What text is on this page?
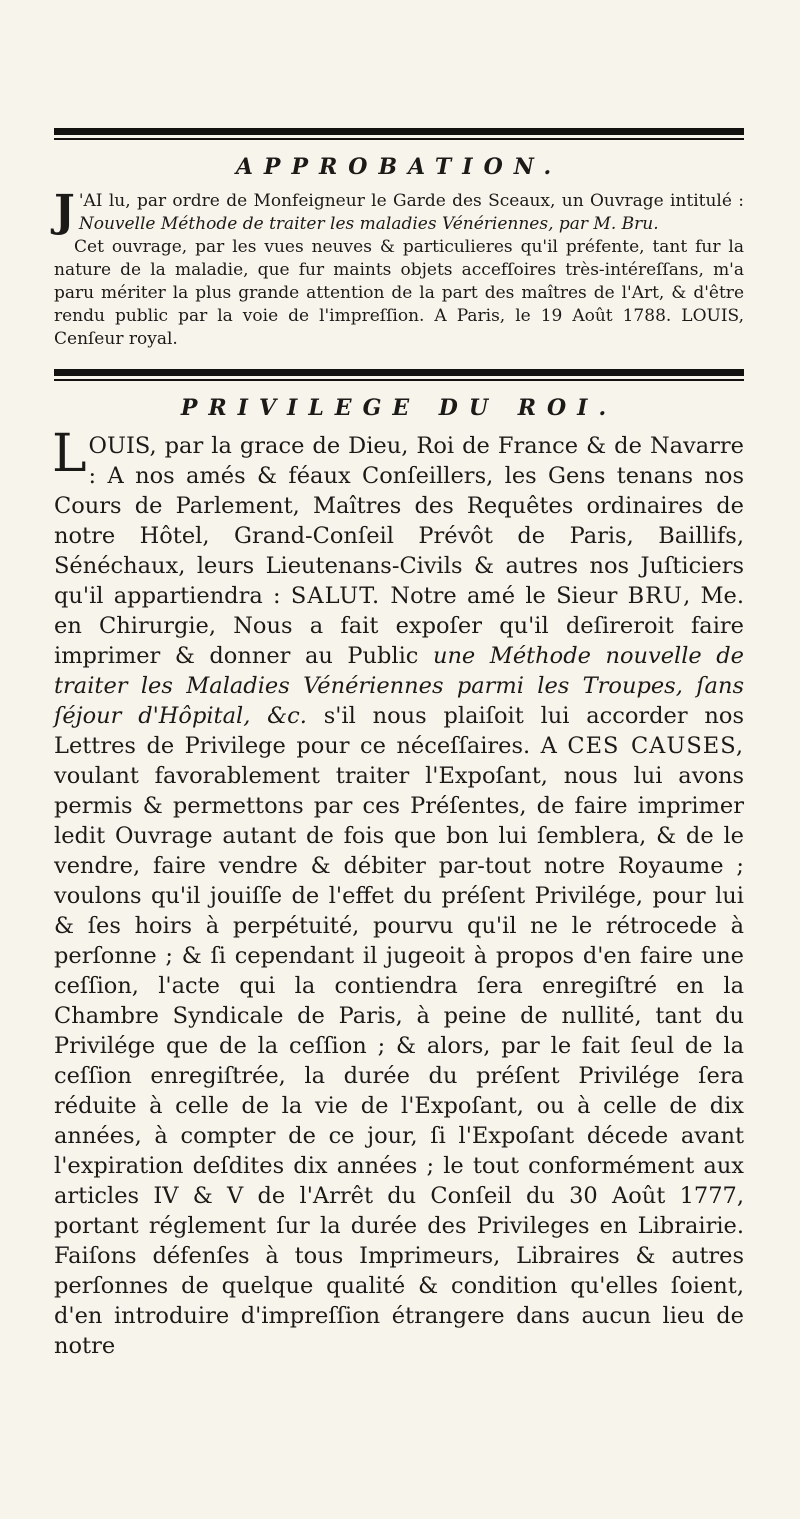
APPROBATION.

J 'AI lu, par ordre de Monfeigneur le Garde des Sceaux, un Ouvrage intitulé : Nouvelle Méthode de traiter les maladies Vénériennes, par M. Bru.

Cet ouvrage, par les vues neuves & particulieres qu'il préfente, tant fur la nature de la maladie, que fur maints objets accefſoires très-intéreſſans, m'a paru mériter la plus grande attention de la part des maîtres de l'Art, & d'être rendu public par la voie de l'impreſſion. A Paris, le 19 Août 1788. LOUIS, Cenſeur royal.

PRIVILEGE DU ROI.

LOUIS, par la grace de Dieu, Roi de France & de Navarre : A nos amés & féaux Conſeillers, les Gens tenans nos Cours de Parlement, Maîtres des Requêtes ordinaires de notre Hôtel, Grand-Conſeil Prévôt de Paris, Baillifs, Sénéchaux, leurs Lieutenans-Civils & autres nos Juſticiers qu'il appartiendra : SALUT. Notre amé le Sieur BRU, Me. en Chirurgie, Nous a fait expoſer qu'il deſireroit faire imprimer & donner au Public une Méthode nouvelle de traiter les Maladies Vénériennes parmi les Troupes, ſans ſéjour d'Hôpital, &c. s'il nous plaiſoit lui accorder nos Lettres de Privilege pour ce néceſſaires. A CES CAUSES, voulant favorablement traiter l'Expoſant, nous lui avons permis & permettons par ces Préſentes, de faire imprimer ledit Ouvrage autant de fois que bon lui ſemblera, & de le vendre, faire vendre & débiter par-tout notre Royaume ; voulons qu'il jouiſſe de l'effet du préſent Privilége, pour lui & ſes hoirs à perpétuité, pourvu qu'il ne le rétrocede à perſonne ; & ſi cependant il jugeoit à propos d'en faire une ceſſion, l'acte qui la contiendra ſera enregiſtré en la Chambre Syndicale de Paris, à peine de nullité, tant du Privilége que de la ceſſion ; & alors, par le fait ſeul de la ceſſion enregiſtrée, la durée du préſent Privilége ſera réduite à celle de la vie de l'Expoſant, ou à celle de dix années, à compter de ce jour, ſi l'Expoſant décede avant l'expiration deſdites dix années ; le tout conformément aux articles IV & V de l'Arrêt du Conſeil du 30 Août 1777, portant réglement ſur la durée des Privileges en Librairie. Faiſons défenſes à tous Imprimeurs, Libraires & autres perſonnes de quelque qualité & condition qu'elles ſoient, d'en introduire d'impreſſion étrangere dans aucun lieu de notre
